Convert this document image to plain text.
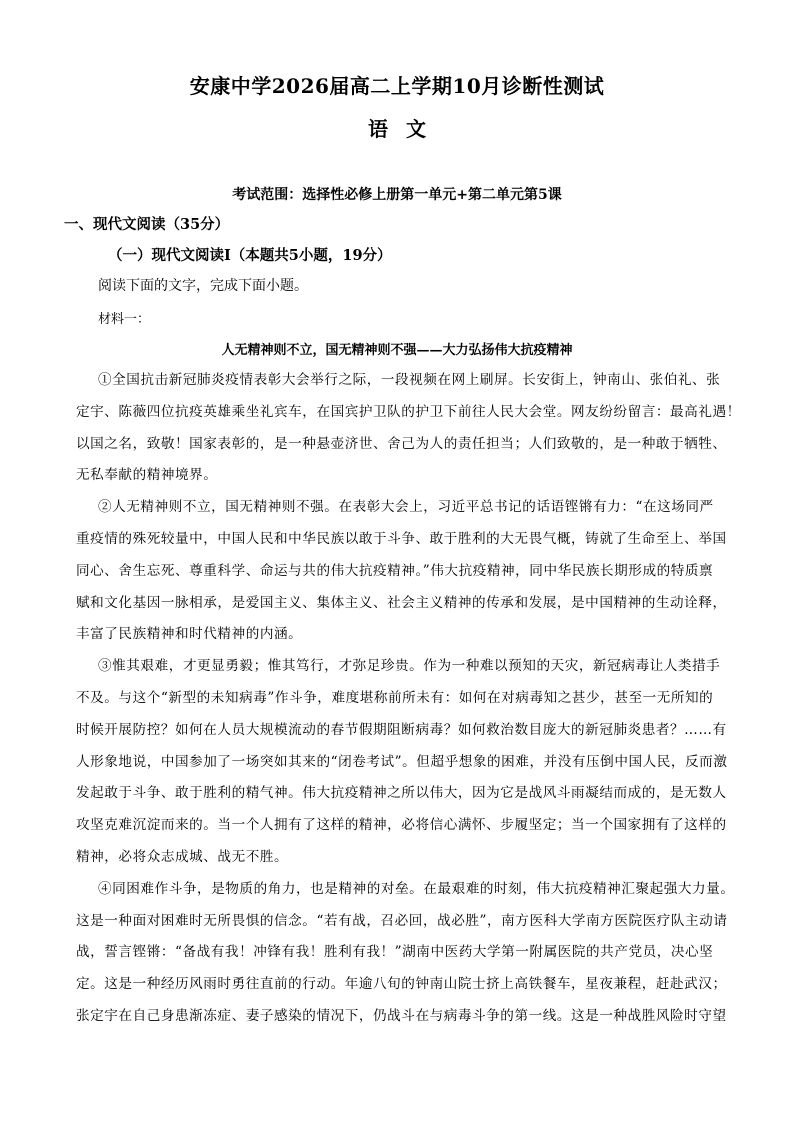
安康中学2026届高二上学期10月诊断性测试
语文
考试范围：选择性必修上册第一单元+第二单元第5课
一、现代文阅读（35分）
（一）现代文阅读Ⅰ（本题共5小题，19分）
阅读下面的文字，完成下面小题。
材料一：
人无精神则不立，国无精神则不强——大力弘扬伟大抗疫精神
①全国抗击新冠肺炎疫情表彰大会举行之际，一段视频在网上刷屏。长安街上，钟南山、张伯礼、张
定宇、陈薇四位抗疫英雄乘坐礼宾车，在国宾护卫队的护卫下前往人民大会堂。网友纷纷留言：最高礼遇！
以国之名，致敬！国家表彰的，是一种悬壶济世、舍己为人的责任担当；人们致敬的，是一种敢于牺牲、
无私奉献的精神境界。
②人无精神则不立，国无精神则不强。在表彰大会上，习近平总书记的话语铿锵有力：“在这场同严
重疫情的殊死较量中，中国人民和中华民族以敢于斗争、敢于胜利的大无畏气概，铸就了生命至上、举国
同心、舍生忘死、尊重科学、命运与共的伟大抗疫精神。”伟大抗疫精神，同中华民族长期形成的特质禀
赋和文化基因一脉相承，是爱国主义、集体主义、社会主义精神的传承和发展，是中国精神的生动诠释，
丰富了民族精神和时代精神的内涵。
③惟其艰难，才更显勇毅；惟其笃行，才弥足珍贵。作为一种难以预知的天灾，新冠病毒让人类措手
不及。与这个“新型的未知病毒”作斗争，难度堪称前所未有：如何在对病毒知之甚少，甚至一无所知的
时候开展防控？如何在人员大规模流动的春节假期阻断病毒？如何救治数目庞大的新冠肺炎患者？……有
人形象地说，中国参加了一场突如其来的“闭卷考试”。但超乎想象的困难，并没有压倒中国人民，反而激
发起敢于斗争、敢于胜利的精气神。伟大抗疫精神之所以伟大，因为它是战风斗雨凝结而成的，是无数人
攻坚克难沉淀而来的。当一个人拥有了这样的精神，必将信心满怀、步履坚定；当一个国家拥有了这样的
精神，必将众志成城、战无不胜。
④同困难作斗争，是物质的角力，也是精神的对垒。在最艰难的时刻，伟大抗疫精神汇聚起强大力量。
这是一种面对困难时无所畏惧的信念。“若有战，召必回，战必胜”，南方医科大学南方医院医疗队主动请
战，誓言铿锵：“备战有我！冲锋有我！胜利有我！”湖南中医药大学第一附属医院的共产党员，决心坚
定。这是一种经历风雨时勇往直前的行动。年逾八旬的钟南山院士挤上高铁餐车，星夜兼程，赶赴武汉；
张定宇在自己身患渐冻症、妻子感染的情况下，仍战斗在与病毒斗争的第一线。这是一种战胜风险时守望
